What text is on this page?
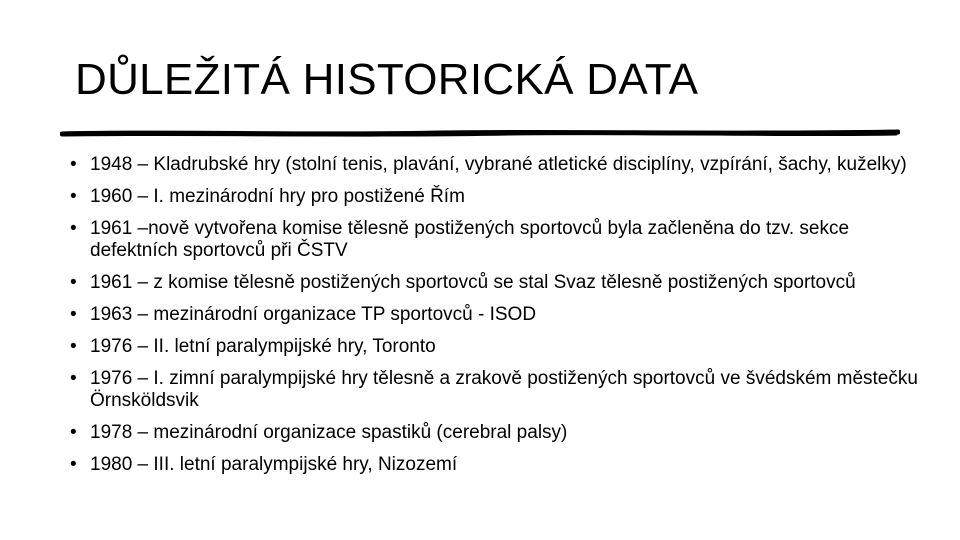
DŮLEŽITÁ HISTORICKÁ DATA
• 1948 – Kladrubské hry (stolní tenis, plavání, vybrané atletické disciplíny, vzpírání, šachy, kuželky)
• 1960 – I. mezinárodní hry pro postižené Řím
• 1961 –nově vytvořena komise tělesně postižených sportovců byla začleněna do tzv. sekce defektních sportovců při ČSTV
• 1961 – z komise tělesně postižených sportovců se stal Svaz tělesně postižených sportovců
• 1963 – mezinárodní organizace TP sportovců - ISOD
• 1976 – II. letní paralympijské hry, Toronto
• 1976 – I. zimní paralympijské hry tělesně a zrakově postižených sportovců ve švédském městečku Örnsköldsvik
• 1978 – mezinárodní organizace spastiků (cerebral palsy)
• 1980 – III. letní paralympijské hry, Nizozemí
